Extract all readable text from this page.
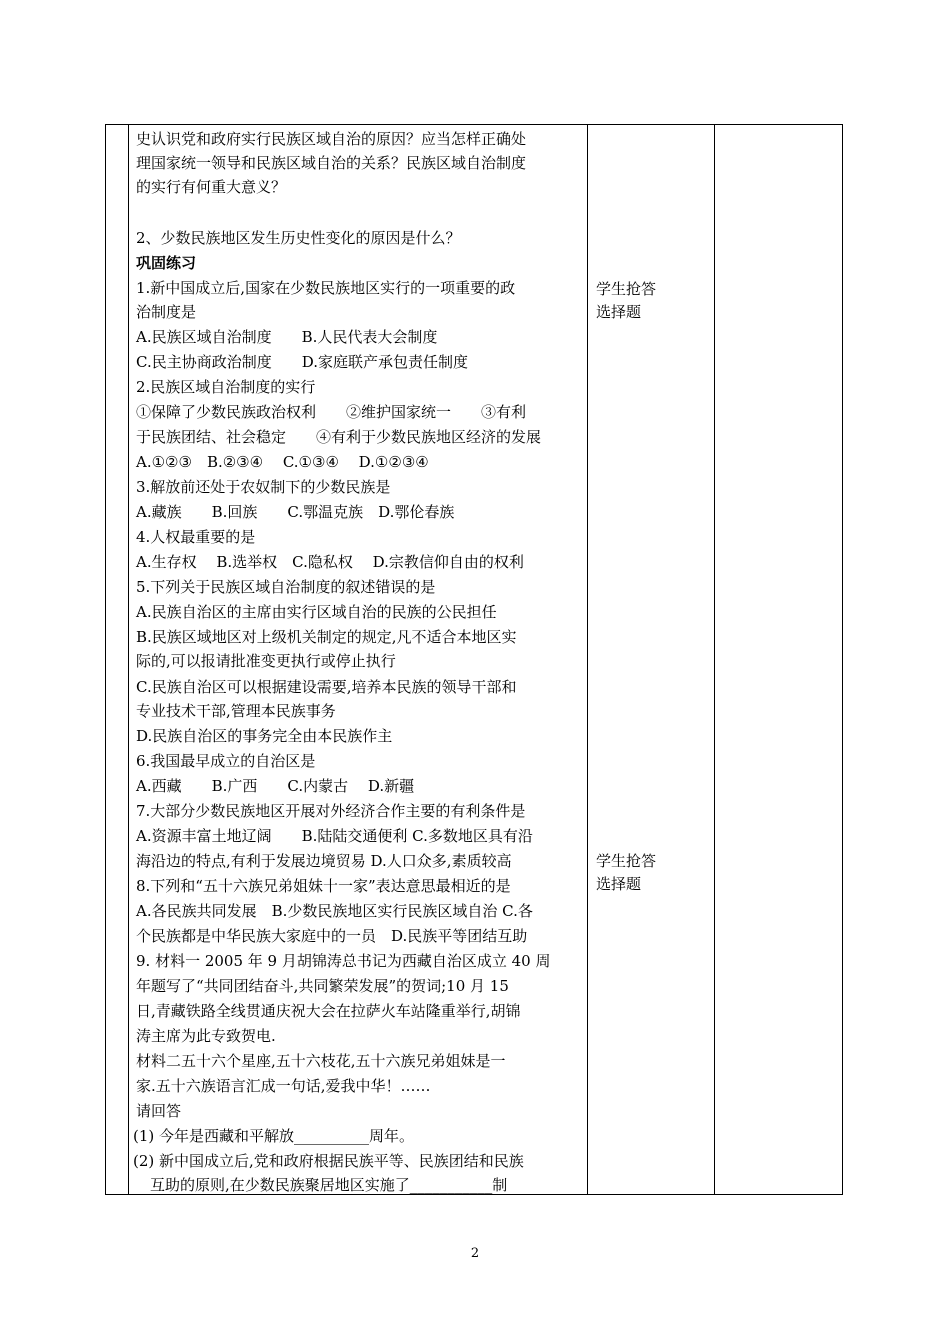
史认识党和政府实行民族区域自治的原因？应当怎样正确处
理国家统一领导和民族区域自治的关系？民族区域自治制度
的实行有何重大意义？
2、少数民族地区发生历史性变化的原因是什么？
巩固练习
1.新中国成立后,国家在少数民族地区实行的一项重要的政
治制度是
A.民族区域自治制度　　B.人民代表大会制度
C.民主协商政治制度　　D.家庭联产承包责任制度
2.民族区域自治制度的实行
①保障了少数民族政治权利　　②维护国家统一　　③有利
于民族团结、社会稳定　　④有利于少数民族地区经济的发展
A.①②③　B.②③④　 C.①③④　 D.①②③④
3.解放前还处于农奴制下的少数民族是
A.藏族　　B.回族　　C.鄂温克族　D.鄂伦春族
4.人权最重要的是
A.生存权　 B.选举权　C.隐私权　 D.宗教信仰自由的权利
5.下列关于民族区域自治制度的叙述错误的是
A.民族自治区的主席由实行区域自治的民族的公民担任
B.民族区域地区对上级机关制定的规定,凡不适合本地区实
际的,可以报请批准变更执行或停止执行
C.民族自治区可以根据建设需要,培养本民族的领导干部和
专业技术干部,管理本民族事务
D.民族自治区的事务完全由本民族作主
6.我国最早成立的自治区是
A.西藏　　B.广西　　C.内蒙古　 D.新疆
7.大部分少数民族地区开展对外经济合作主要的有利条件是
A.资源丰富土地辽阔　　B.陆陆交通便利 C.多数地区具有沿
海沿边的特点,有利于发展边境贸易 D.人口众多,素质较高
8.下列和“五十六族兄弟姐妹十一家”表达意思最相近的是
A.各民族共同发展　B.少数民族地区实行民族区域自治 C.各
个民族都是中华民族大家庭中的一员　D.民族平等团结互助
9. 材料一 2005 年 9 月胡锦涛总书记为西藏自治区成立 40 周
年题写了“共同团结奋斗,共同繁荣发展”的贺词;10 月 15
日,青藏铁路全线贯通庆祝大会在拉萨火车站隆重举行,胡锦
涛主席为此专致贺电.
材料二五十六个星座,五十六枝花,五十六族兄弟姐妹是一
家.五十六族语言汇成一句话,爱我中华！……
请回答
(1) 今年是西藏和平解放__________周年。
(2) 新中国成立后,党和政府根据民族平等、民族团结和民族
互助的原则,在少数民族聚居地区实施了___________制
学生抢答
选择题
学生抢答
选择题
2
